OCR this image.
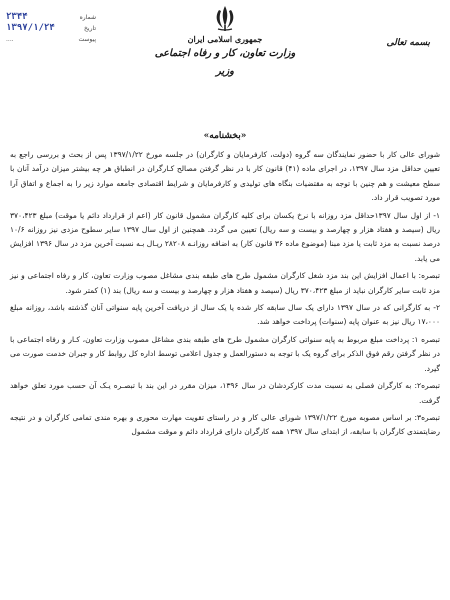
شماره
۲۳۴۴
تاریخ
۱۳۹۷/۱/۲۴
پیوست
....	جمهوری اسلامی ایران
وزارت تعاون، کار و رفاه اجتماعی
وزیر
بسمه تعالی
«بخشنامه»

شورای عالی کار با حضور نمایندگان سه گروه (دولت، کارفرمایان و کارگران) در جلسه مورخ ۱۳۹۷/۱/۲۲ پس از بحث و بررسی راجع به تعیین حداقل مزد سال ۱۳۹۷، در اجرای ماده (۴۱) قانون کار با در نظر گرفتن مصالح کـارگران در انطباق هر چه بیشتر میزان درآمد آنان با سطح معیشت و هم چنین با توجه به مقتضیات بنگاه های تولیدی و کارفرمایان و شرایط اقتصادی جامعه موارد زیر را به اجماع و اتفاق آرا مورد تصویب قرار داد.

۱- از اول سال ۱۳۹۷حداقل مزد روزانه با نرخ یکسان برای کلیه کارگران مشمول قانون کار (اعم از قرارداد دائم یا موقت) مبلغ ۳۷۰،۴۲۳ ریال (سیصد و هفتاد هزار و چهارصد و بیست و سه ریال) تعیین می گردد. همچنین از اول سال ۱۳۹۷ سایر سطوح مزدی نیز روزانه ۱۰/۶ درصد نسبت به مزد ثابت یا مزد مبنا (موضوع ماده ۳۶ قانون کار) به اضافه روزانـه ۲۸۲۰۸ ریـال بـه نسبت آخرین مزد در سال ۱۳۹۶ افزایش می یابد.

تبصره: با اعمال افزایش این بند مزد شغل کارگران مشمول طرح های طبقه بندی مشاغل مصوب وزارت تعاون، کار و رفاه اجتماعی و نیز مزد ثابت سایر کارگران نباید از مبلغ ۳۷۰،۴۲۳ ریال (سیصد و هفتاد هزار و چهارصد و بیست و سه ریال) بند (۱) کمتر شود.

۲- به کارگرانی که در سال ۱۳۹۷ دارای یک سال سابقه کار شده یا یک سال از دریافت آخرین پایه سنواتی آنان گذشته باشد، روزانه مبلغ ۱۷،۰۰۰ ریال نیز به عنوان پایه (سنوات) پرداخت خواهد شد.

تبصره ۱: پرداخت مبلغ مربوط به پایه سنواتی کارگران مشمول طرح های طبقه بندی مشاغل مصوب وزارت تعاون، کـار و رفاه اجتماعی با در نظر گرفتن رقم فوق الذکر برای گروه یک با توجه به دستورالعمل و جدول اعلامی توسط اداره کل روابط کار و جبران خدمت صورت می گیرد.

تبصره۲: به کارگران فصلی به نسبت مدت کارکردشان در سال ۱۳۹۶، میزان مقرر در این بند با تبصـره یـک آن حسب مورد تعلق خواهد گرفت.

تبصره۳: بر اساس مصوبه مورخ ۱۳۹۷/۱/۲۲ شورای عالی کار و در راستای تقویت مهارت محوری و بهره مندی تمامی کارگران و در نتیجه رضایتمندی کارگران با سابقه، از ابتدای سال ۱۳۹۷ همه کارگران دارای قرارداد دائم و موقت مشمول
